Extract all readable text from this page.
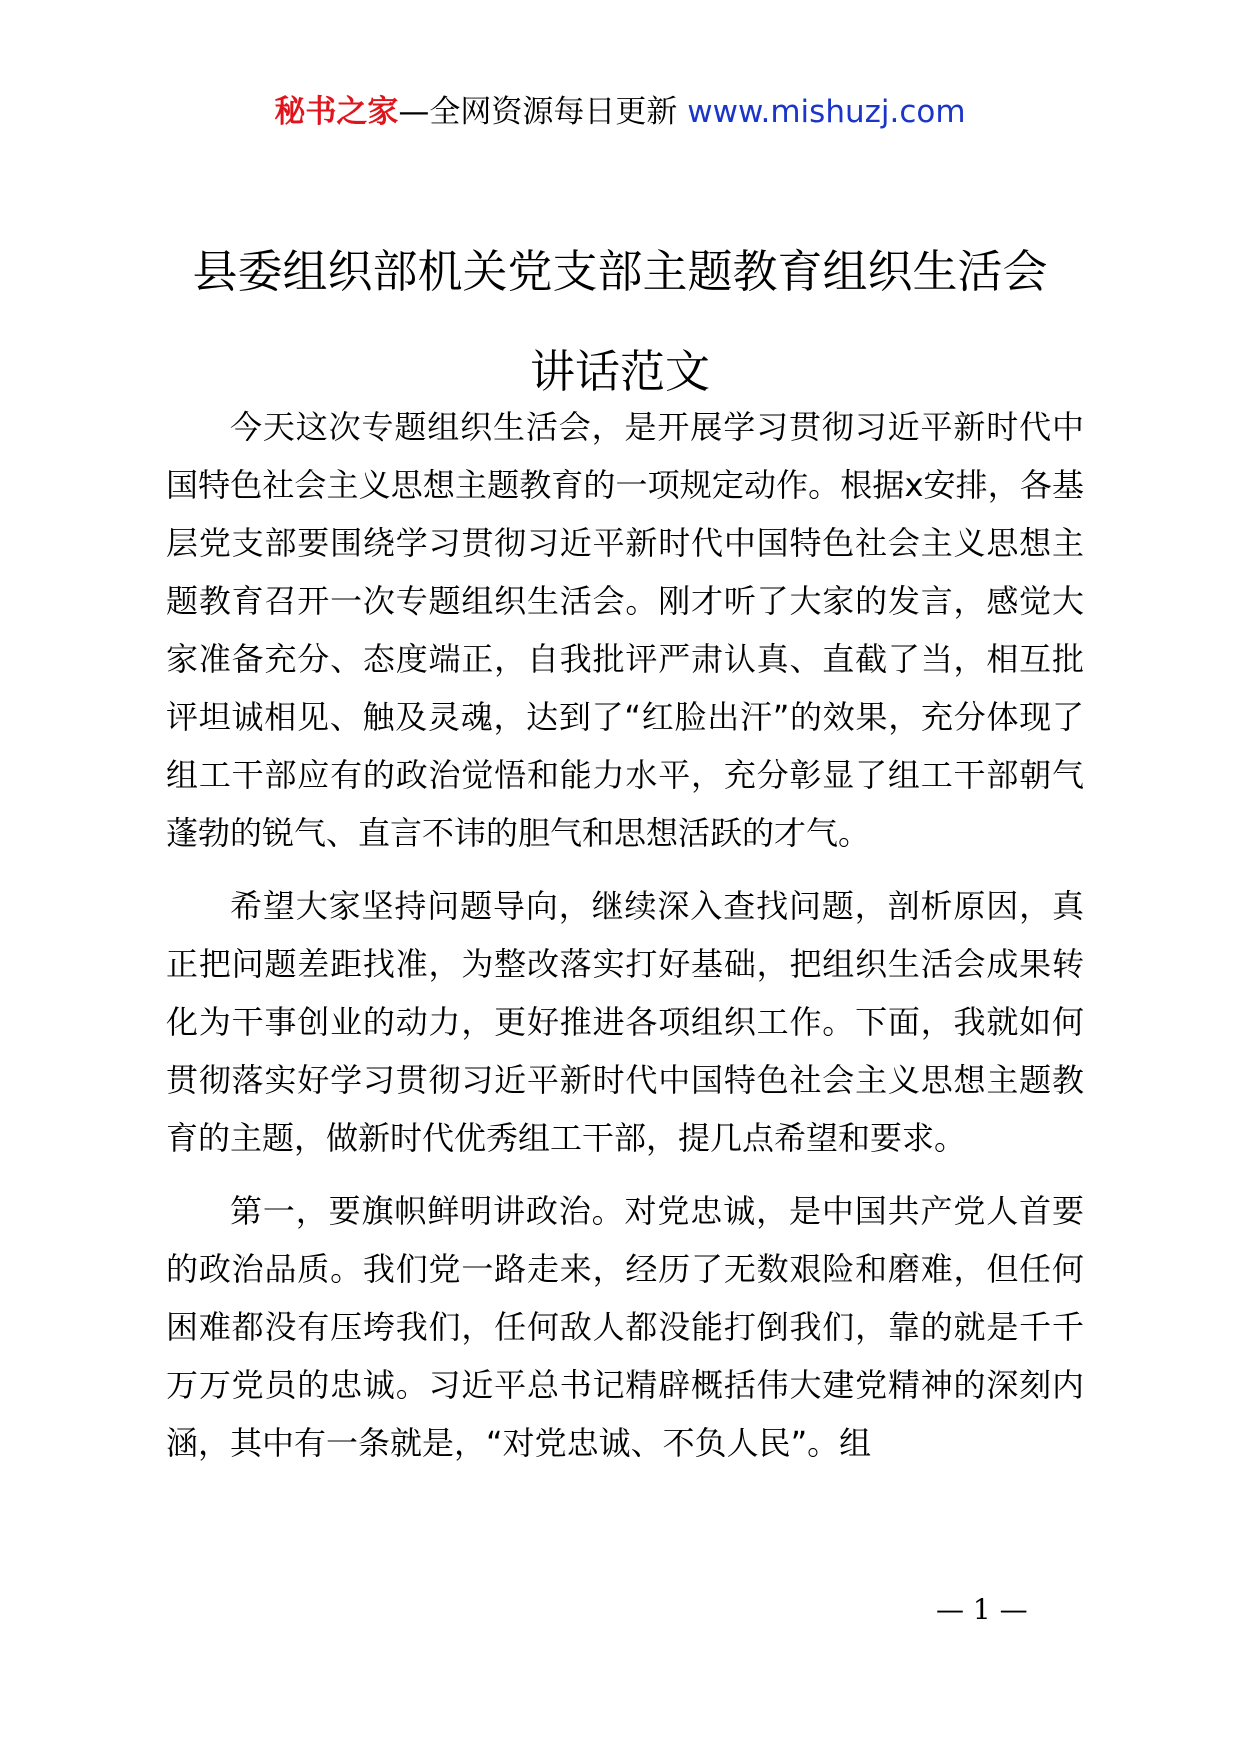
秘书之家—全网资源每日更新 www.mishuzj.com
县委组织部机关党支部主题教育组织生活会
讲话范文

今天这次专题组织生活会，是开展学习贯彻习近平新时代中国特色社会主义思想主题教育的一项规定动作。根据x安排，各基层党支部要围绕学习贯彻习近平新时代中国特色社会主义思想主题教育召开一次专题组织生活会。刚才听了大家的发言，感觉大家准备充分、态度端正，自我批评严肃认真、直截了当，相互批评坦诚相见、触及灵魂，达到了“红脸出汗”的效果，充分体现了组工干部应有的政治觉悟和能力水平，充分彰显了组工干部朝气蓬勃的锐气、直言不讳的胆气和思想活跃的才气。

希望大家坚持问题导向，继续深入查找问题，剖析原因，真正把问题差距找准，为整改落实打好基础，把组织生活会成果转化为干事创业的动力，更好推进各项组织工作。下面，我就如何贯彻落实好学习贯彻习近平新时代中国特色社会主义思想主题教育的主题，做新时代优秀组工干部，提几点希望和要求。

第一，要旗帜鲜明讲政治。对党忠诚，是中国共产党人首要的政治品质。我们党一路走来，经历了无数艰险和磨难，但任何困难都没有压垮我们，任何敌人都没能打倒我们，靠的就是千千万万党员的忠诚。习近平总书记精辟概括伟大建党精神的深刻内涵，其中有一条就是，“对党忠诚、不负人民”。组

— 1 —
